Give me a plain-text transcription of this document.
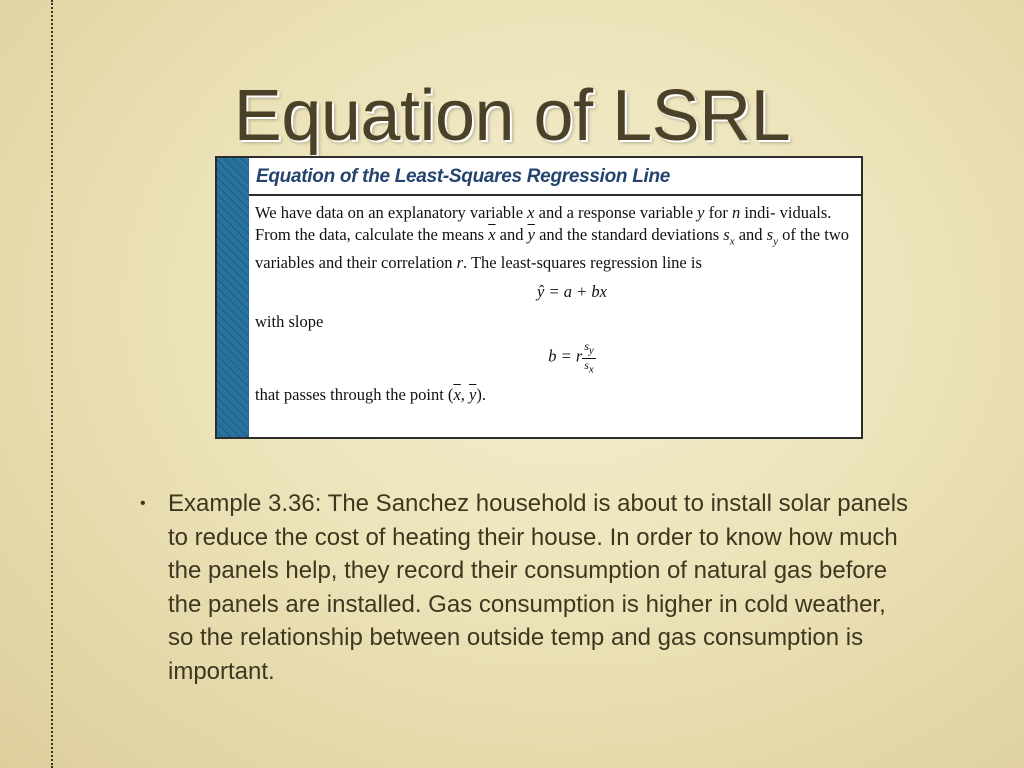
Equation of LSRL
Equation of the Least-Squares Regression Line

We have data on an explanatory variable x and a response variable y for n indi- viduals. From the data, calculate the means $\overline{x}$ and $\overline{y}$ and the standard deviations $s_x$ and $s_y$ of the two variables and their correlation r. The least-squares regression line is

ŷ = a + bx

with slope

b = r $\frac{s_y}{s_x}$

that passes through the point ($\overline{x}$, $\overline{y}$).

• Example 3.36: The Sanchez household is about to install solar panels to reduce the cost of heating their house. In order to know how much the panels help, they record their consumption of natural gas before the panels are installed. Gas consumption is higher in cold weather, so the relationship between outside temp and gas consumption is important.
